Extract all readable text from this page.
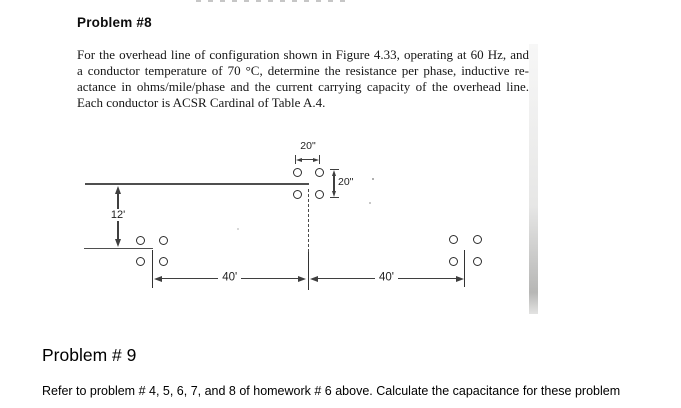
Problem #8
For the overhead line of configuration shown in Figure 4.33, operating at 60 Hz, and
a conductor temperature of 70 °C, determine the resistance per phase, inductive re-
actance in ohms/mile/phase and the current carrying capacity of the overhead line.
Each conductor is ACSR Cardinal of Table A.4.
12'
20"
20"
40'	40'
Problem # 9
Refer to problem # 4, 5, 6, 7, and 8 of homework # 6 above. Calculate the capacitance for these problem
